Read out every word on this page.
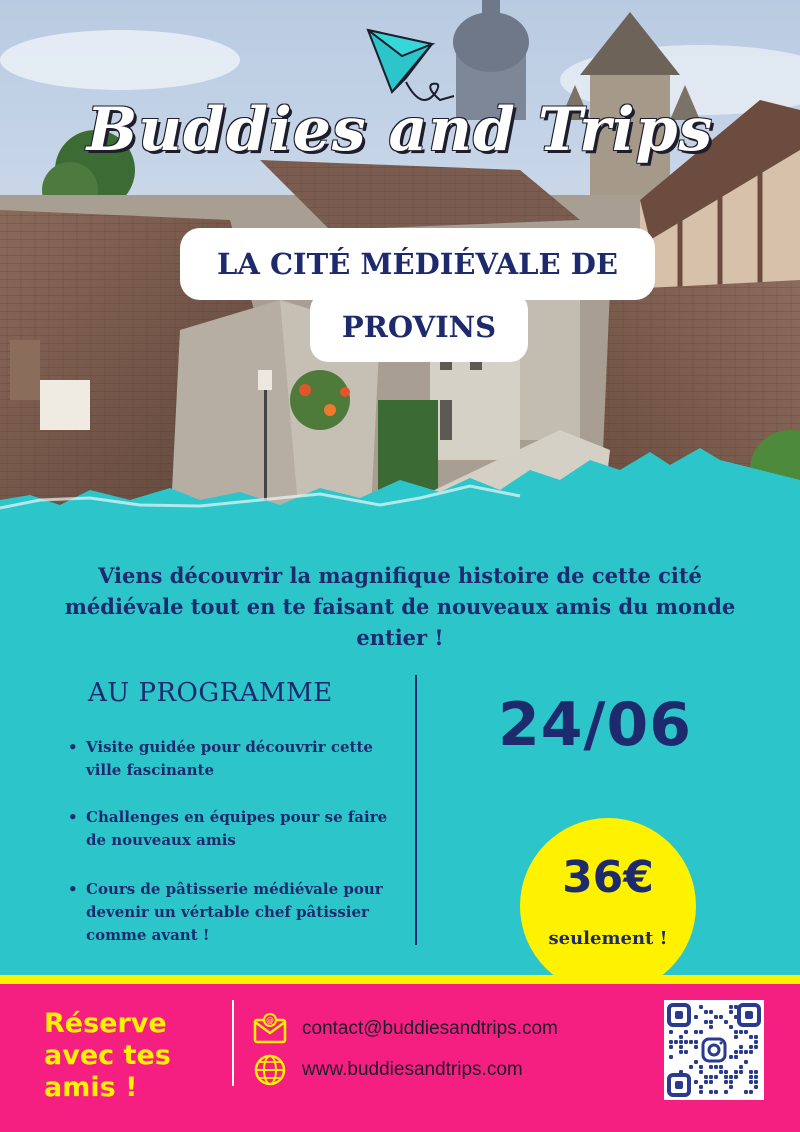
Buddies and Trips
LA CITÉ MÉDIÉVALE DE
PROVINS
Viens découvrir la magnifique histoire de cette cité médiévale tout en te faisant de nouveaux amis du monde entier !
AU PROGRAMME
• Visite guidée pour découvrir cette ville fascinante
• Challenges en équipes pour se faire de nouveaux amis
• Cours de pâtisserie médiévale pour devenir un vértable chef pâtissier comme avant !
24/06
36€
seulement !
Réserve
avec tes
amis !
@ contact@buddiesandtrips.com
www.buddiesandtrips.com
